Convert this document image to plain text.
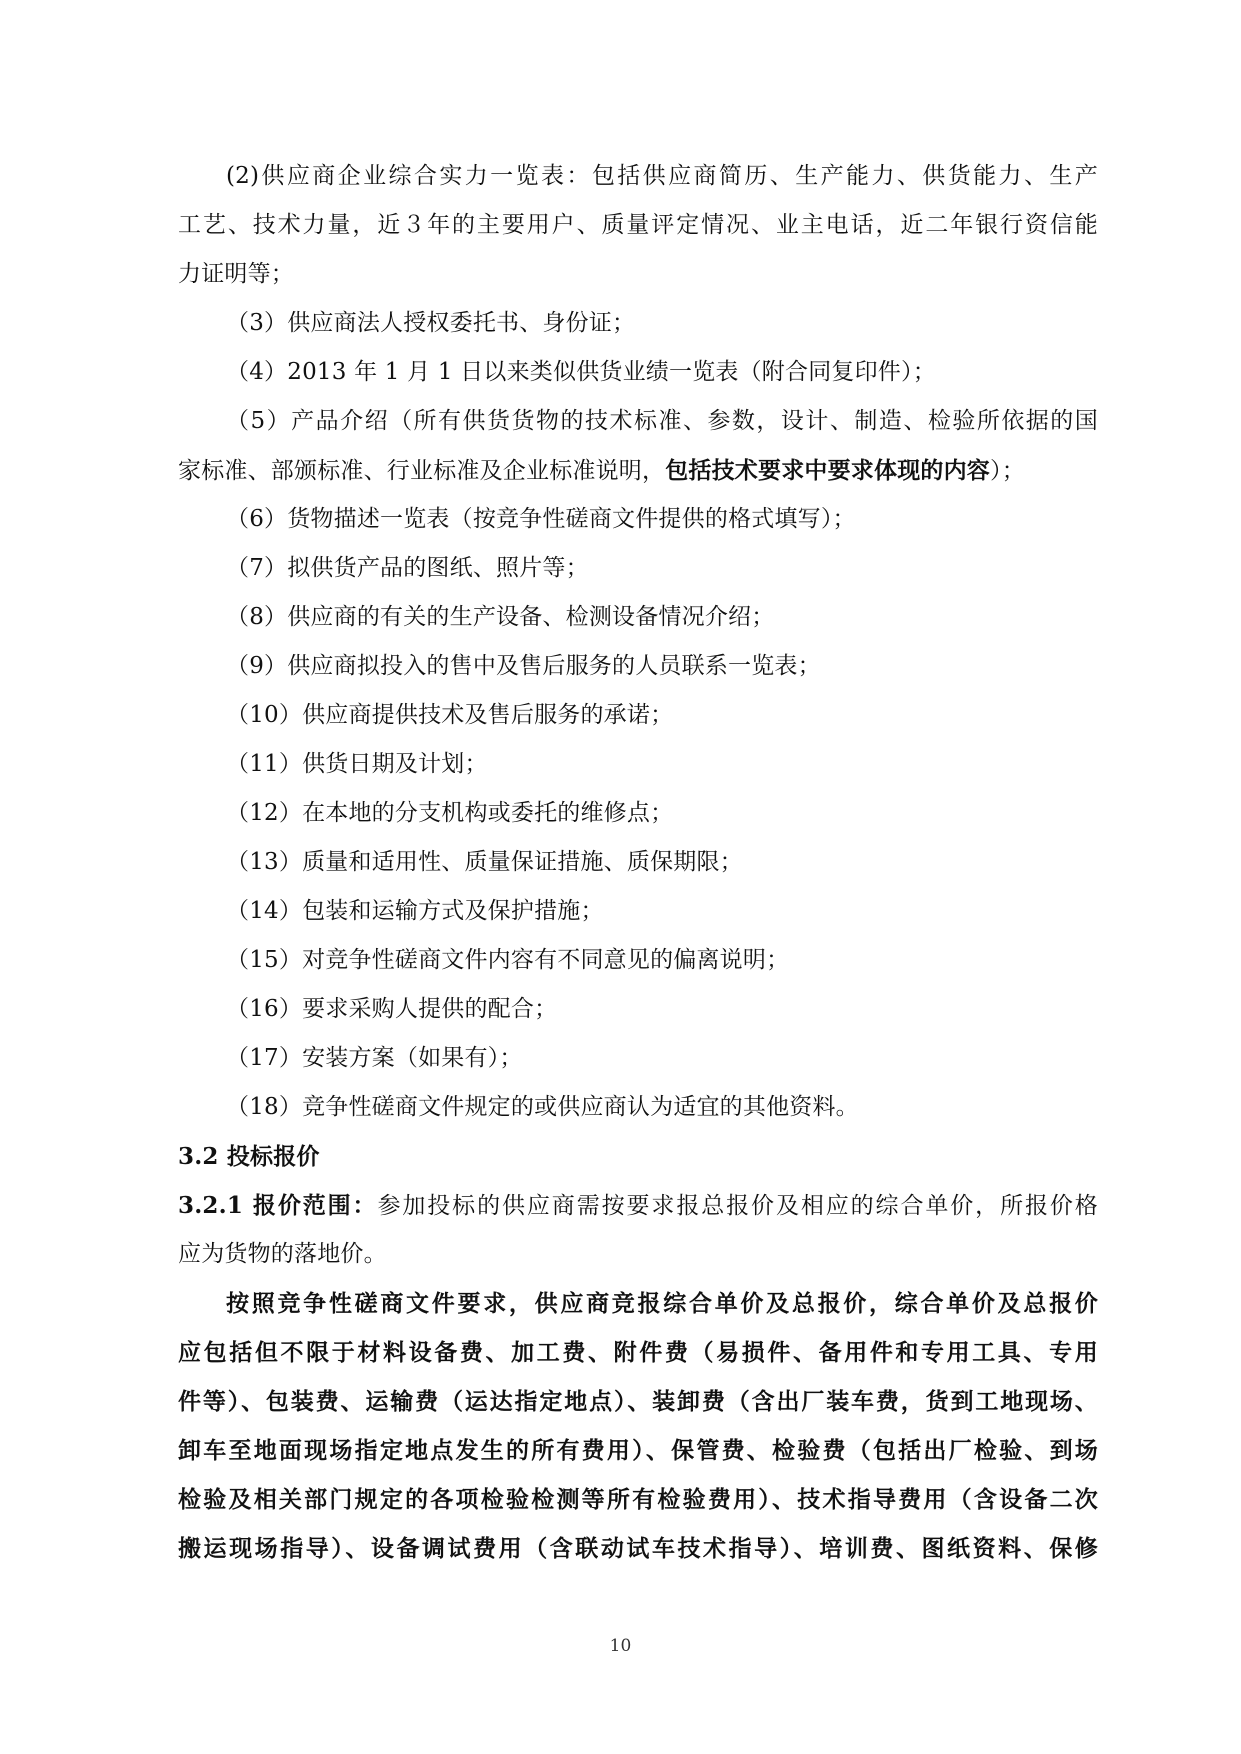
(2)供应商企业综合实力一览表：包括供应商简历、生产能力、供货能力、生产
工艺、技术力量，近３年的主要用户、质量评定情况、业主电话，近二年银行资信能
力证明等；
（3）供应商法人授权委托书、身份证；
（4）2013 年 1 月 1 日以来类似供货业绩一览表（附合同复印件）；
（5）产品介绍（所有供货货物的技术标准、参数，设计、制造、检验所依据的国
家标准、部颁标准、行业标准及企业标准说明，包括技术要求中要求体现的内容）；
（6）货物描述一览表（按竞争性磋商文件提供的格式填写）；
（7）拟供货产品的图纸、照片等；
（8）供应商的有关的生产设备、检测设备情况介绍；
（9）供应商拟投入的售中及售后服务的人员联系一览表；
（10）供应商提供技术及售后服务的承诺；
（11）供货日期及计划；
（12）在本地的分支机构或委托的维修点；
（13）质量和适用性、质量保证措施、质保期限；
（14）包装和运输方式及保护措施；
（15）对竞争性磋商文件内容有不同意见的偏离说明；
（16）要求采购人提供的配合；
（17）安装方案（如果有）；
（18）竞争性磋商文件规定的或供应商认为适宜的其他资料。
3.2 投标报价
3.2.1 报价范围：参加投标的供应商需按要求报总报价及相应的综合单价，所报价格
应为货物的落地价。
按照竞争性磋商文件要求，供应商竞报综合单价及总报价，综合单价及总报价
应包括但不限于材料设备费、加工费、附件费（易损件、备用件和专用工具、专用
件等）、包装费、运输费（运达指定地点）、装卸费（含出厂装车费，货到工地现场、
卸车至地面现场指定地点发生的所有费用）、保管费、检验费（包括出厂检验、到场
检验及相关部门规定的各项检验检测等所有检验费用）、技术指导费用（含设备二次
搬运现场指导）、设备调试费用（含联动试车技术指导）、培训费、图纸资料、保修
10
